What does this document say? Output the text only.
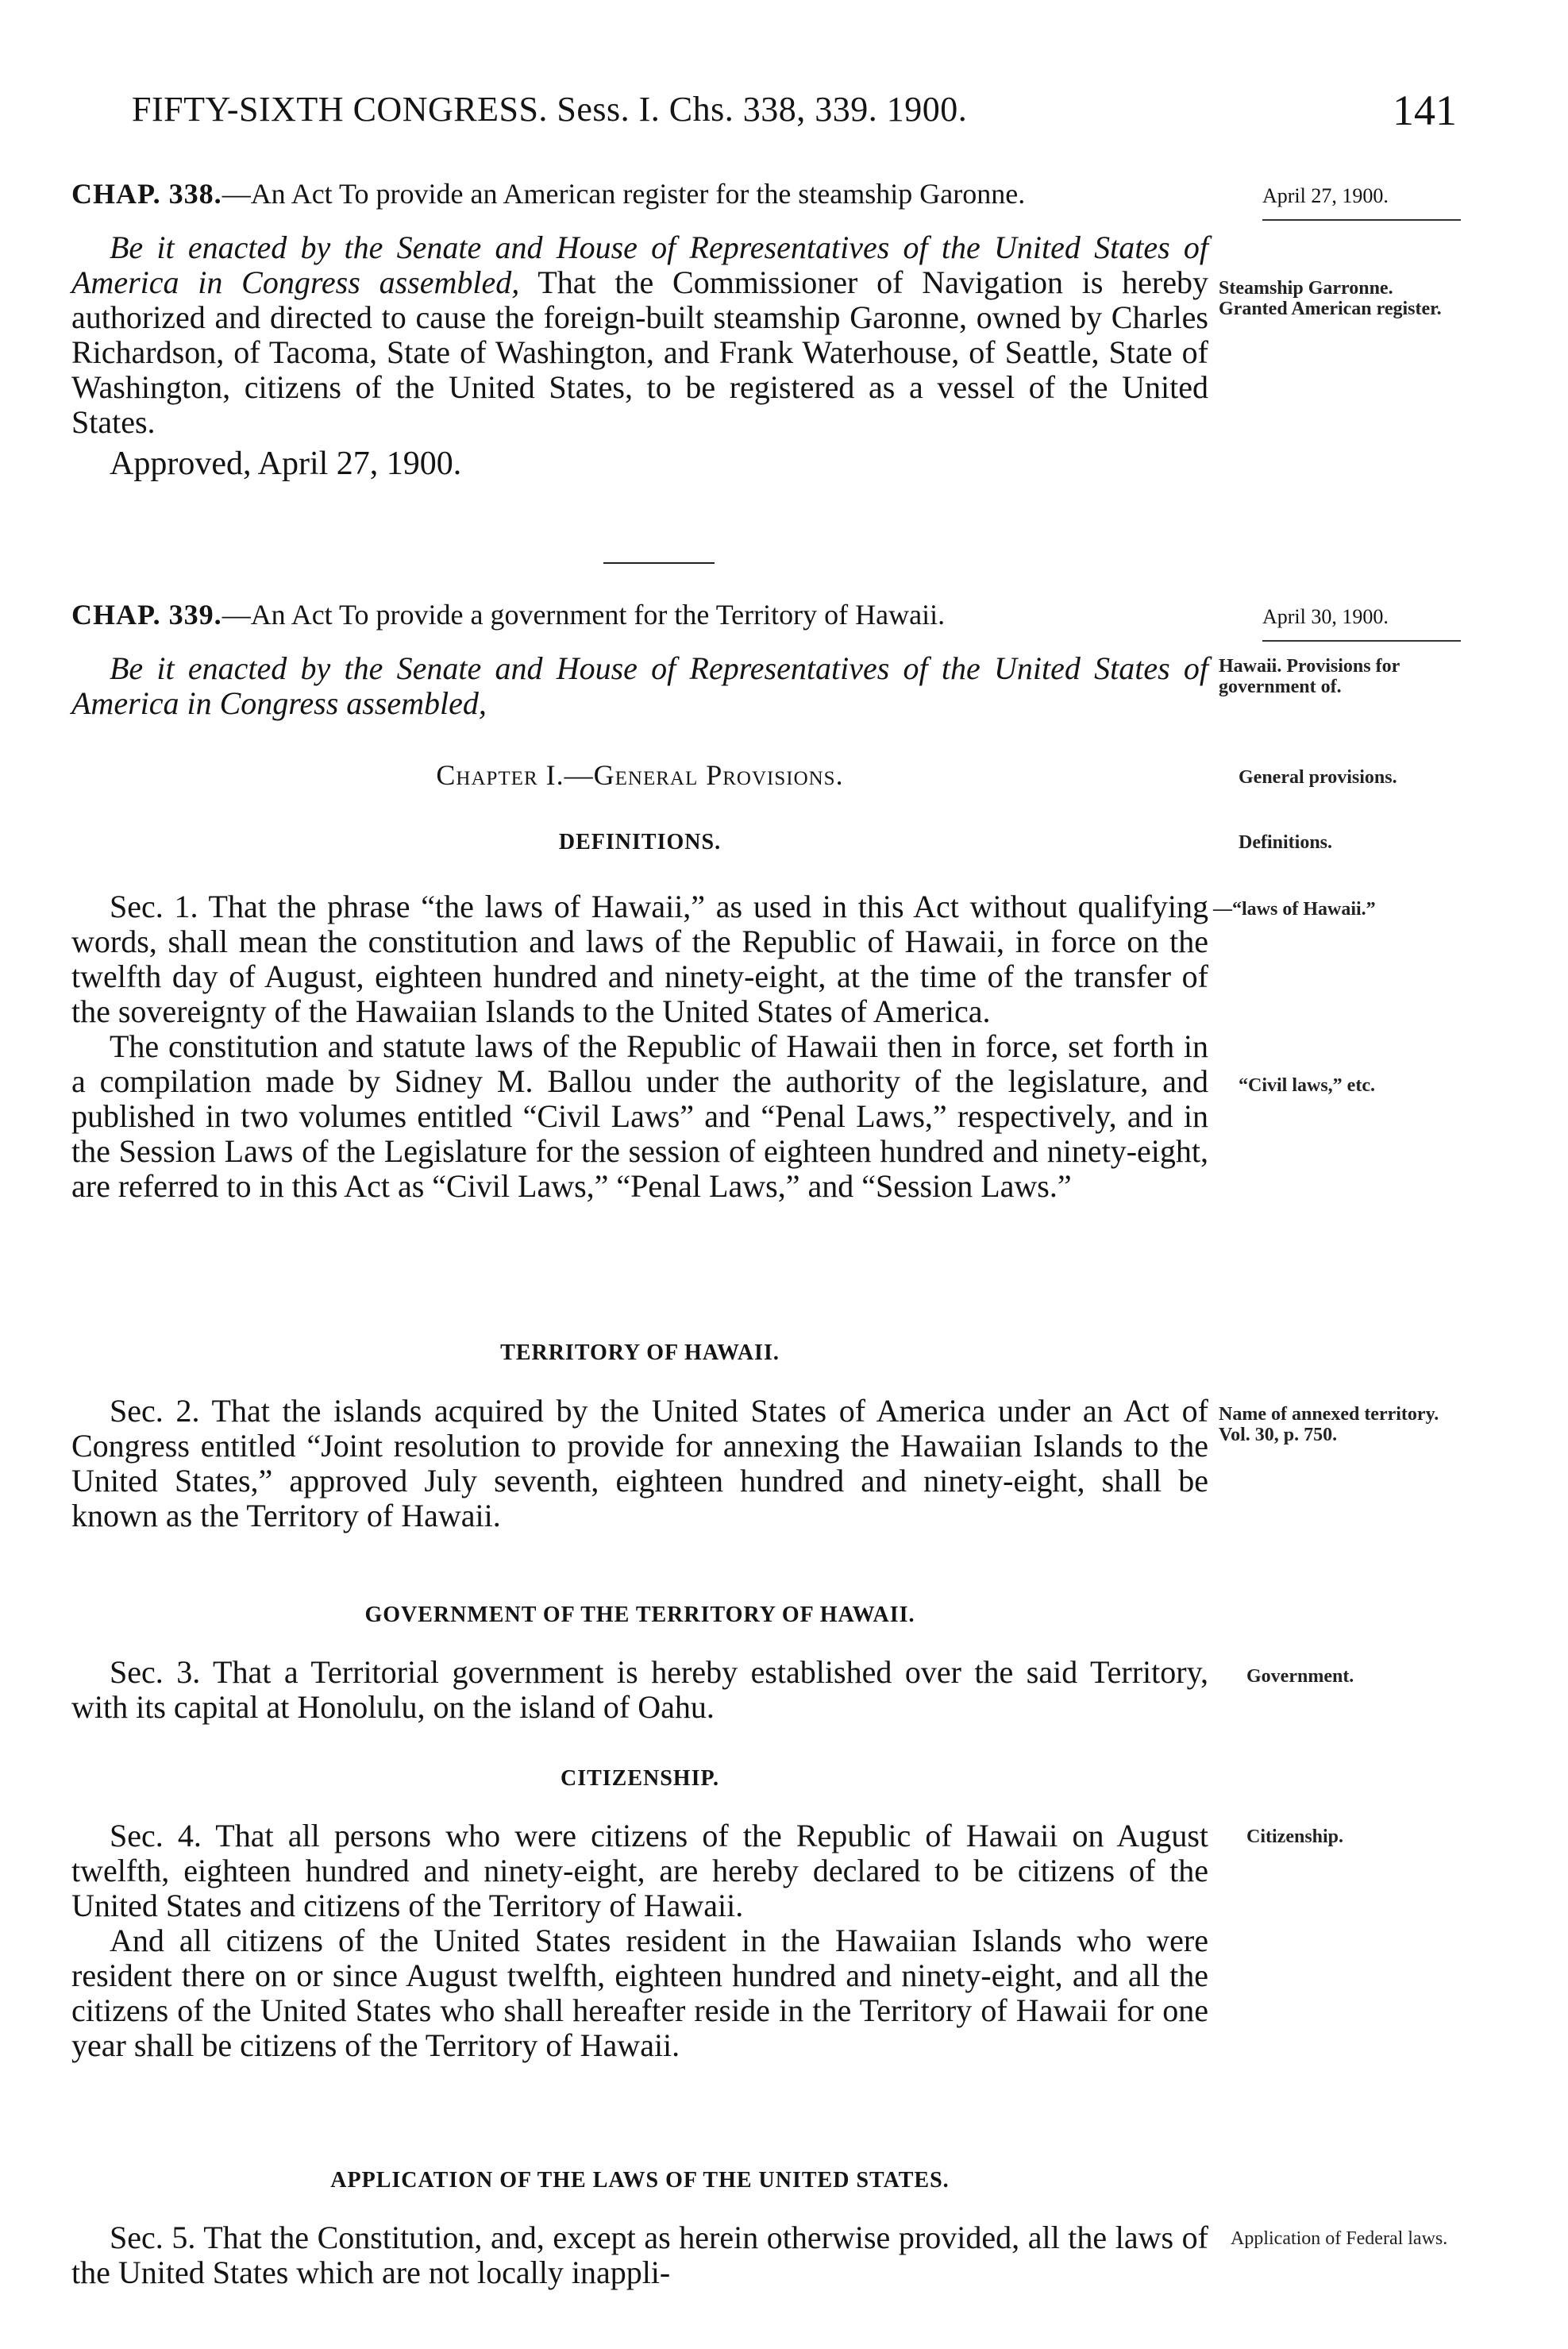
FIFTY-SIXTH CONGRESS. Sess. I. Chs. 338, 339. 1900.	141
CHAP. 338.—An Act To provide an American register for the steamship Garonne.	April 27, 1900.

Be it enacted by the Senate and House of Representatives of the United States of America in Congress assembled, That the Commissioner of Navigation is hereby authorized and directed to cause the foreign-built steamship Garonne, owned by Charles Richardson, of Tacoma, State of Washington, and Frank Waterhouse, of Seattle, State of Washington, citizens of the United States, to be registered as a vessel of the United States.

Approved, April 27, 1900.

Steamship Garronne. Granted American register.
CHAP. 339.—An Act To provide a government for the Territory of Hawaii.	April 30, 1900.

Be it enacted by the Senate and House of Representatives of the United States of America in Congress assembled,

Hawaii. Provisions for government of.
Chapter I.—General Provisions.	General provisions.
DEFINITIONS.	Definitions.

Sec. 1. That the phrase “the laws of Hawaii,” as used in this Act without qualifying words, shall mean the constitution and laws of the Republic of Hawaii, in force on the twelfth day of August, eighteen hundred and ninety-eight, at the time of the transfer of the sovereignty of the Hawaiian Islands to the United States of America.

The constitution and statute laws of the Republic of Hawaii then in force, set forth in a compilation made by Sidney M. Ballou under the authority of the legislature, and published in two volumes entitled “Civil Laws” and “Penal Laws,” respectively, and in the Session Laws of the Legislature for the session of eighteen hundred and ninety-eight, are referred to in this Act as “Civil Laws,” “Penal Laws,” and “Session Laws.”

—“laws of Hawaii.”
“Civil laws,” etc.
TERRITORY OF HAWAII.

Sec. 2. That the islands acquired by the United States of America under an Act of Congress entitled “Joint resolution to provide for annexing the Hawaiian Islands to the United States,” approved July seventh, eighteen hundred and ninety-eight, shall be known as the Territory of Hawaii.

Name of annexed territory. Vol. 30, p. 750.
GOVERNMENT OF THE TERRITORY OF HAWAII.

Sec. 3. That a Territorial government is hereby established over the said Territory, with its capital at Honolulu, on the island of Oahu.

Government.
CITIZENSHIP.

Sec. 4. That all persons who were citizens of the Republic of Hawaii on August twelfth, eighteen hundred and ninety-eight, are hereby declared to be citizens of the United States and citizens of the Territory of Hawaii.

And all citizens of the United States resident in the Hawaiian Islands who were resident there on or since August twelfth, eighteen hundred and ninety-eight, and all the citizens of the United States who shall hereafter reside in the Territory of Hawaii for one year shall be citizens of the Territory of Hawaii.

Citizenship.
APPLICATION OF THE LAWS OF THE UNITED STATES.

Sec. 5. That the Constitution, and, except as herein otherwise provided, all the laws of the United States which are not locally inappli-

Application of Federal laws.
